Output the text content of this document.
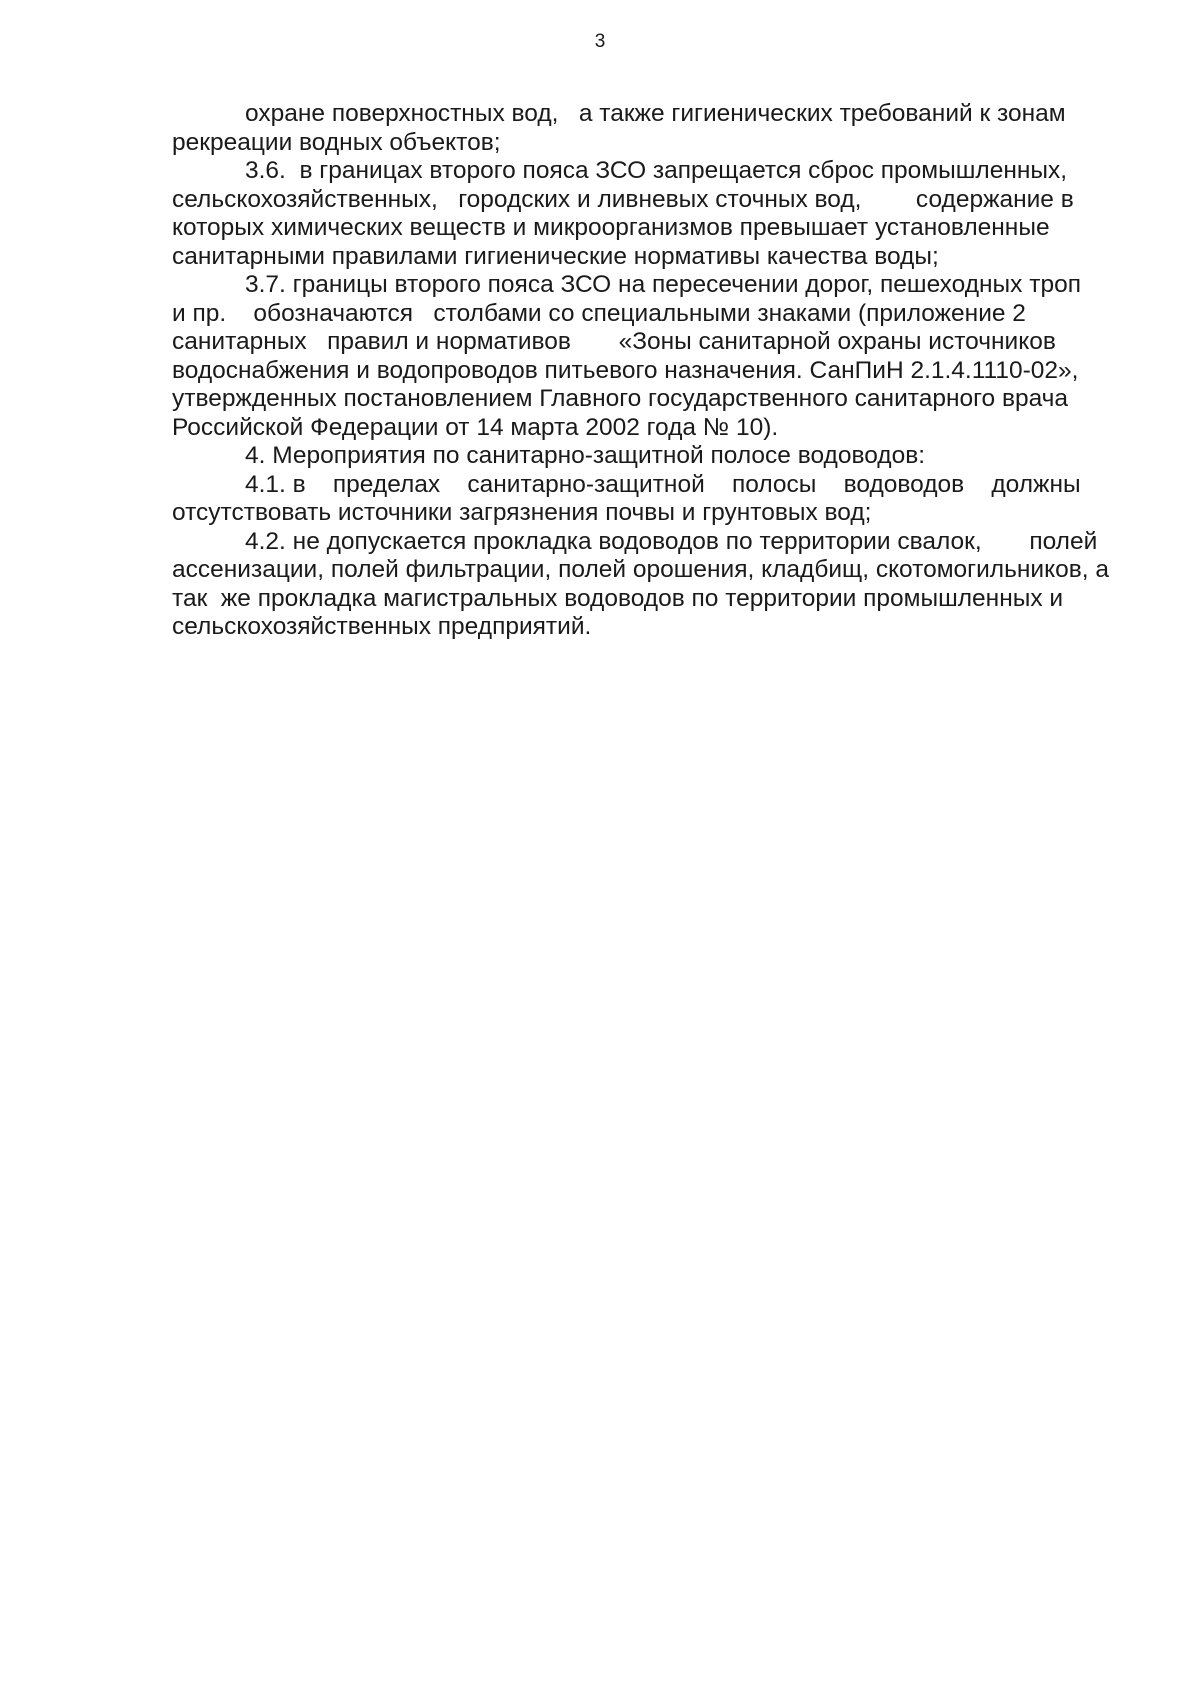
3
охране поверхностных вод,   а также гигиенических требований к зонам
рекреации водных объектов;
3.6.  в границах второго пояса ЗСО запрещается сброс промышленных,
сельскохозяйственных,   городских и ливневых сточных вод,        содержание в
которых химических веществ и микроорганизмов превышает установленные
санитарными правилами гигиенические нормативы качества воды;
3.7. границы второго пояса ЗСО на пересечении дорог, пешеходных троп
и пр.    обозначаются   столбами со специальными знаками (приложение 2
санитарных   правил и нормативов       «Зоны санитарной охраны источников
водоснабжения и водопроводов питьевого назначения. СанПиН 2.1.4.1110-02»,
утвержденных постановлением Главного государственного санитарного врача
Российской Федерации от 14 марта 2002 года № 10).
4. Мероприятия по санитарно-защитной полосе водоводов:
4.1. в    пределах    санитарно-защитной    полосы    водоводов    должны
отсутствовать источники загрязнения почвы и грунтовых вод;
4.2. не допускается прокладка водоводов по территории свалок,       полей
ассенизации, полей фильтрации, полей орошения, кладбищ, скотомогильников, а
так  же прокладка магистральных водоводов по территории промышленных и
сельскохозяйственных предприятий.
